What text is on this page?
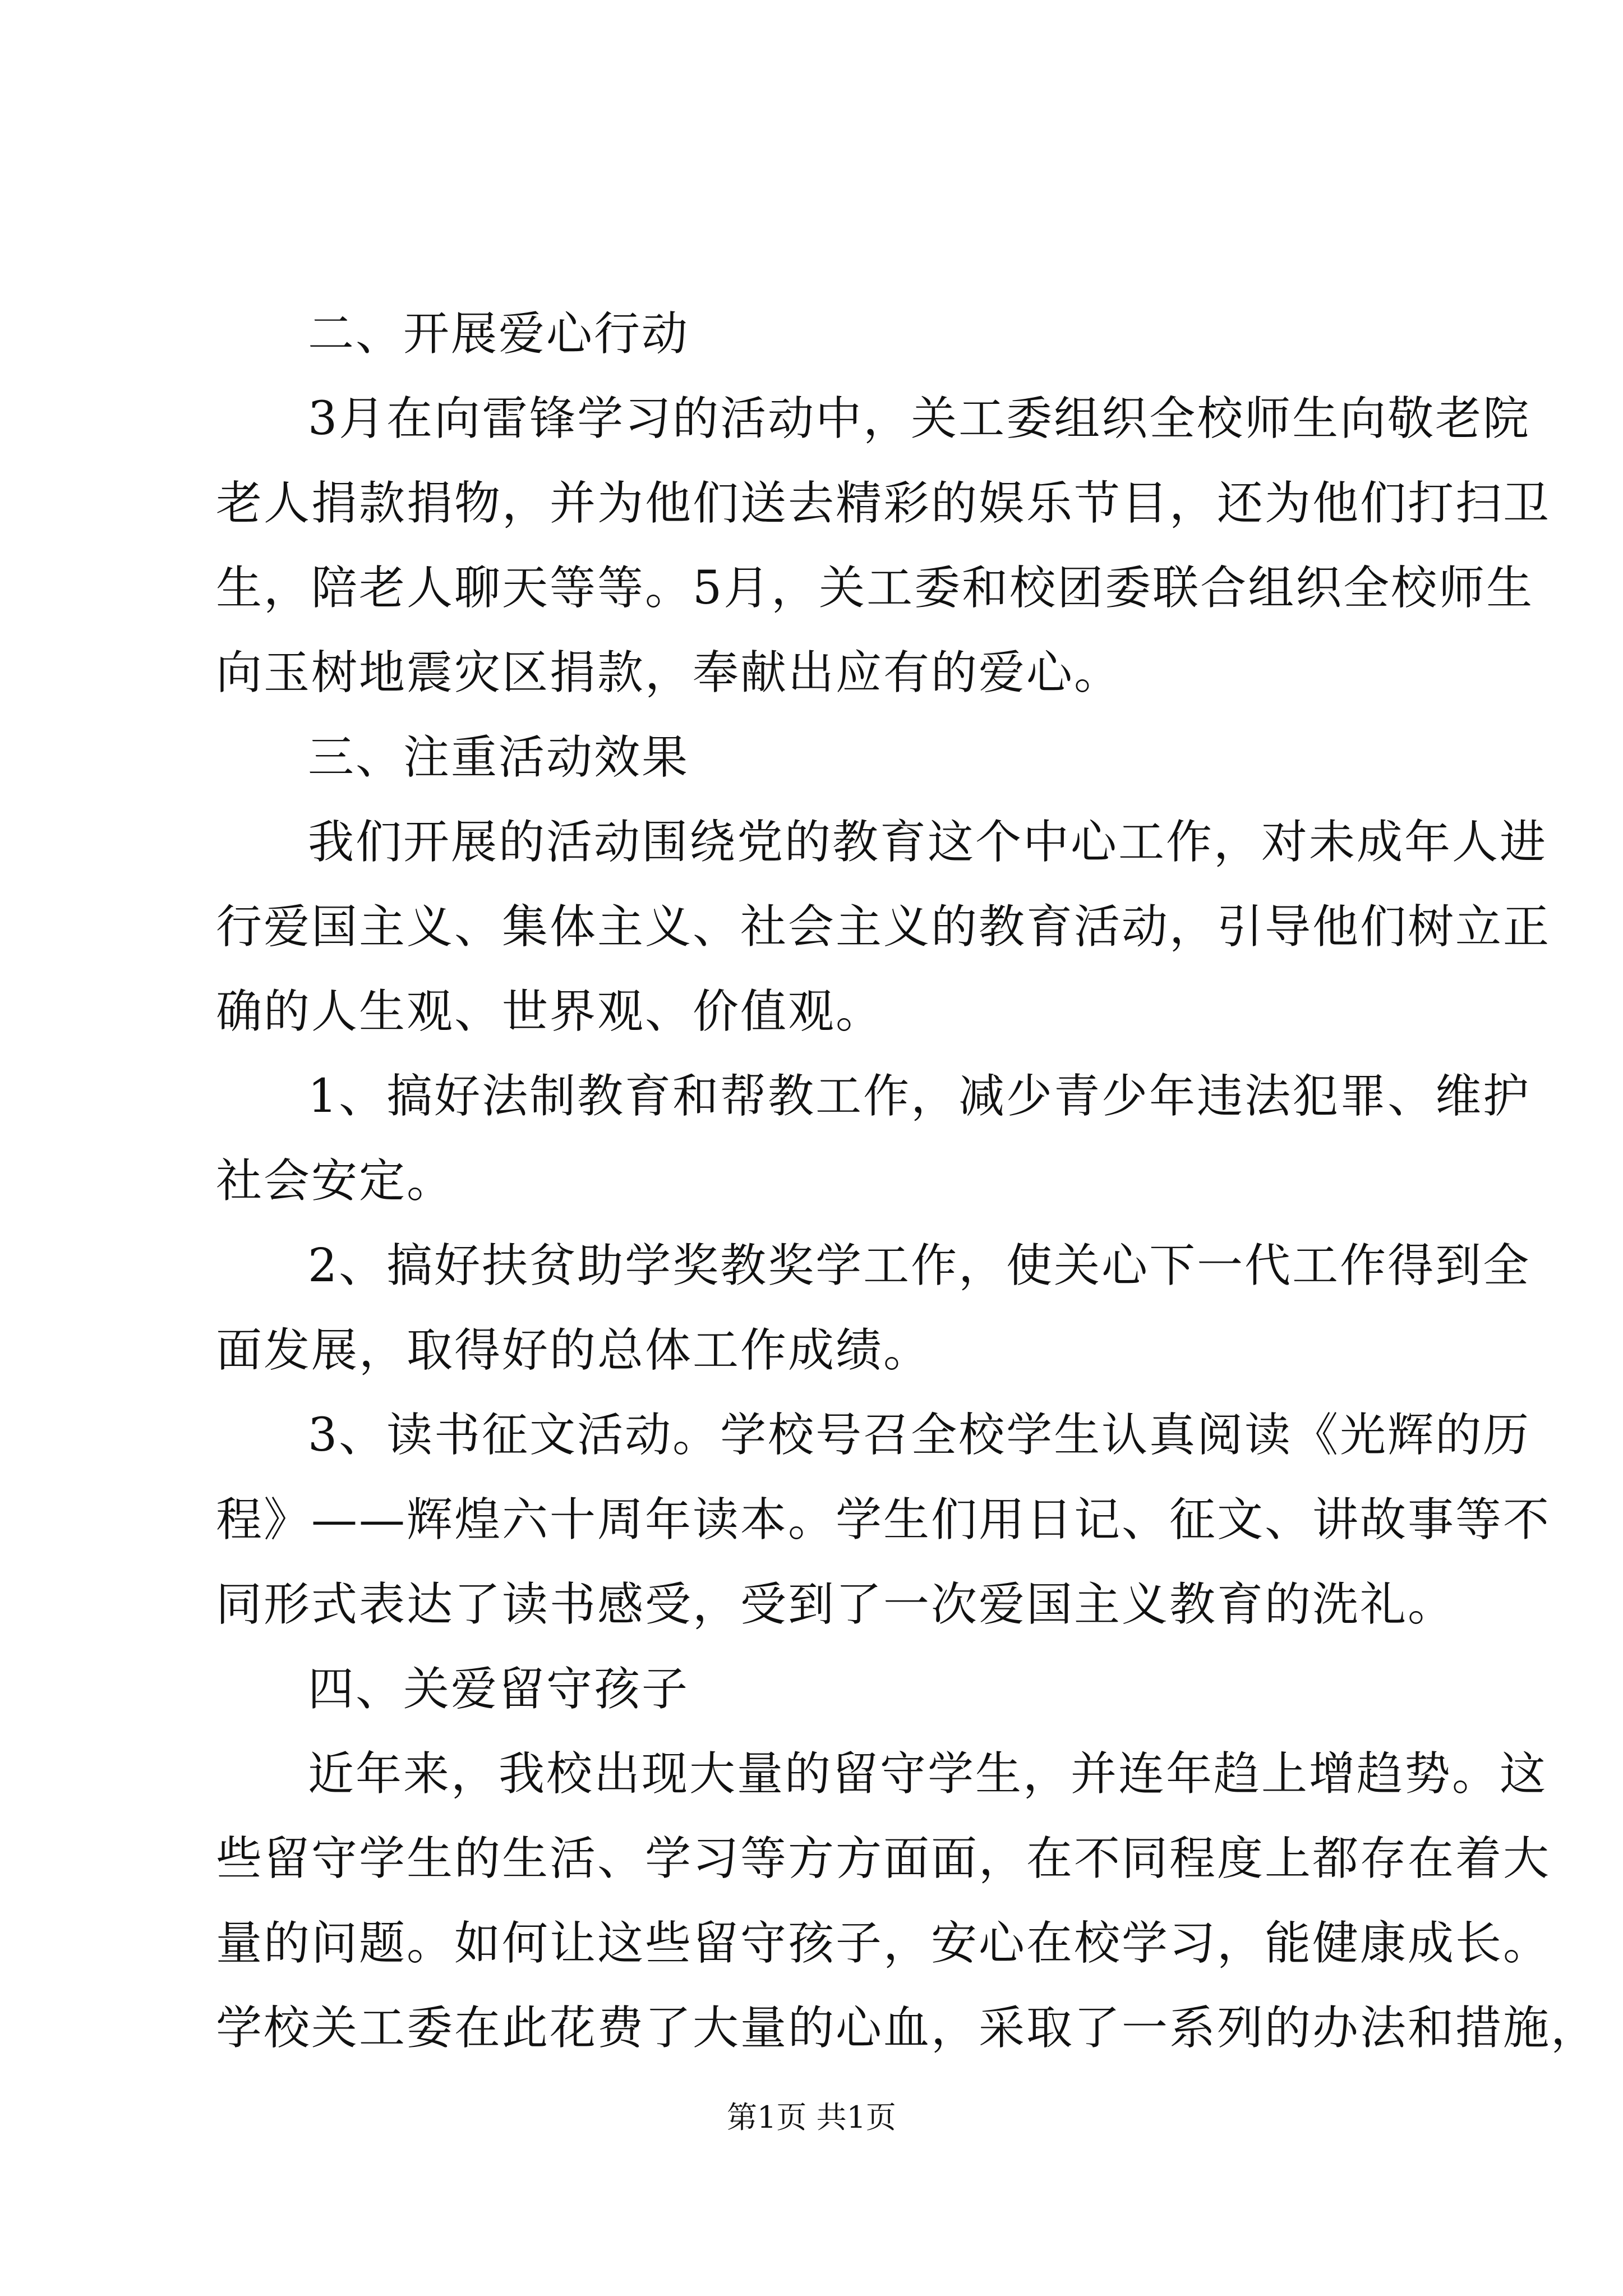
二、开展爱心行动

3月在向雷锋学习的活动中，关工委组织全校师生向敬老院
老人捐款捐物，并为他们送去精彩的娱乐节目，还为他们打扫卫
生，陪老人聊天等等。5月，关工委和校团委联合组织全校师生
向玉树地震灾区捐款，奉献出应有的爱心。

三、注重活动效果

我们开展的活动围绕党的教育这个中心工作，对未成年人进
行爱国主义、集体主义、社会主义的教育活动，引导他们树立正
确的人生观、世界观、价值观。

1、搞好法制教育和帮教工作，减少青少年违法犯罪、维护
社会安定。

2、搞好扶贫助学奖教奖学工作，使关心下一代工作得到全
面发展，取得好的总体工作成绩。

3、读书征文活动。学校号召全校学生认真阅读《光辉的历
程》——辉煌六十周年读本。学生们用日记、征文、讲故事等不
同形式表达了读书感受，受到了一次爱国主义教育的洗礼。

四、关爱留守孩子

近年来，我校出现大量的留守学生，并连年趋上增趋势。这
些留守学生的生活、学习等方方面面，在不同程度上都存在着大
量的问题。如何让这些留守孩子，安心在校学习，能健康成长。
学校关工委在此花费了大量的心血，采取了一系列的办法和措施，

第1页 共1页
